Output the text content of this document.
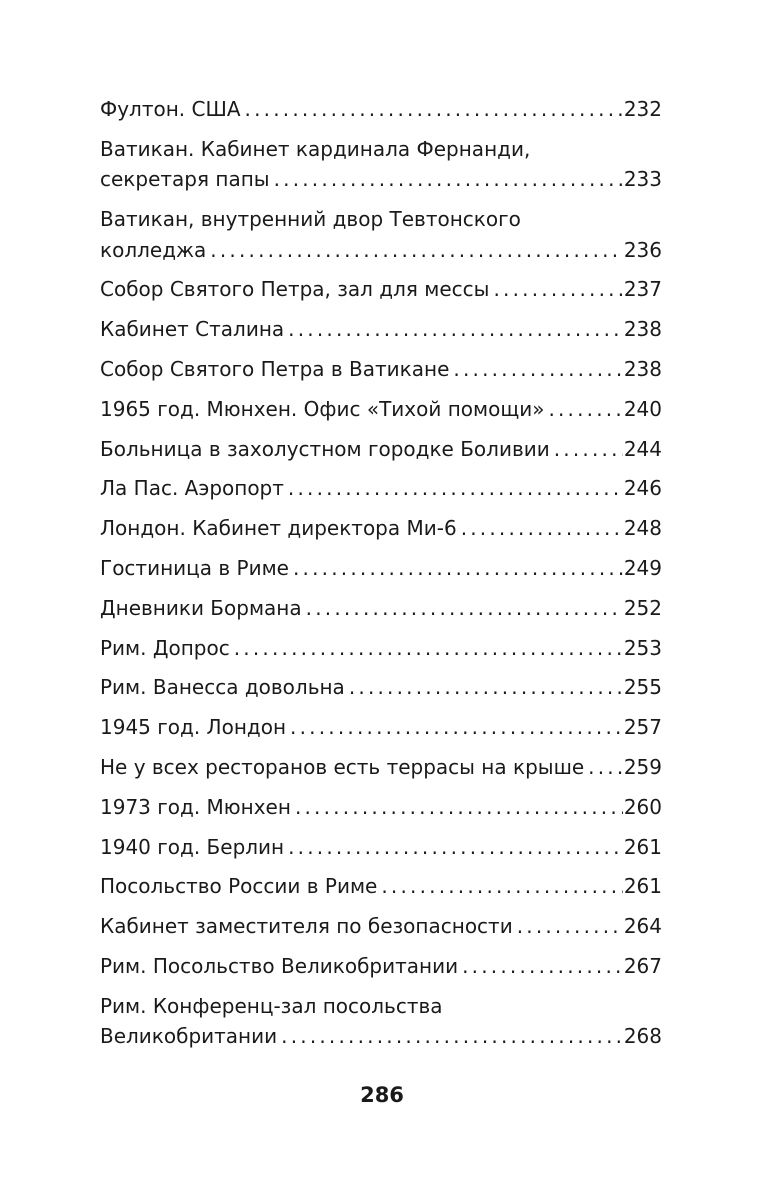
Фултон. США .....	232
Ватикан. Кабинет кардинала Фернанди,
секретаря папы .....	233
Ватикан, внутренний двор Тевтонского
колледжа .....	236
Собор Святого Петра, зал для мессы .....	237
Кабинет Сталина .....	238
Собор Святого Петра в Ватикане .....	238
1965 год. Мюнхен. Офис «Тихой помощи» .....	240
Больница в захолустном городке Боливии .....	244
Ла Пас. Аэропорт .....	246
Лондон. Кабинет директора Ми-6 .....	248
Гостиница в Риме .....	249
Дневники Бормана .....	252
Рим. Допрос .....	253
Рим. Ванесса довольна .....	255
1945 год. Лондон .....	257
Не у всех ресторанов есть террасы на крыше ..... 259
1973 год. Мюнхен .....	260
1940 год. Берлин .....	261
Посольство России в Риме .....	261
Кабинет заместителя по безопасности .....	264
Рим. Посольство Великобритании .....	267
Рим. Конференц-зал посольства
Великобритании .....	268
286
